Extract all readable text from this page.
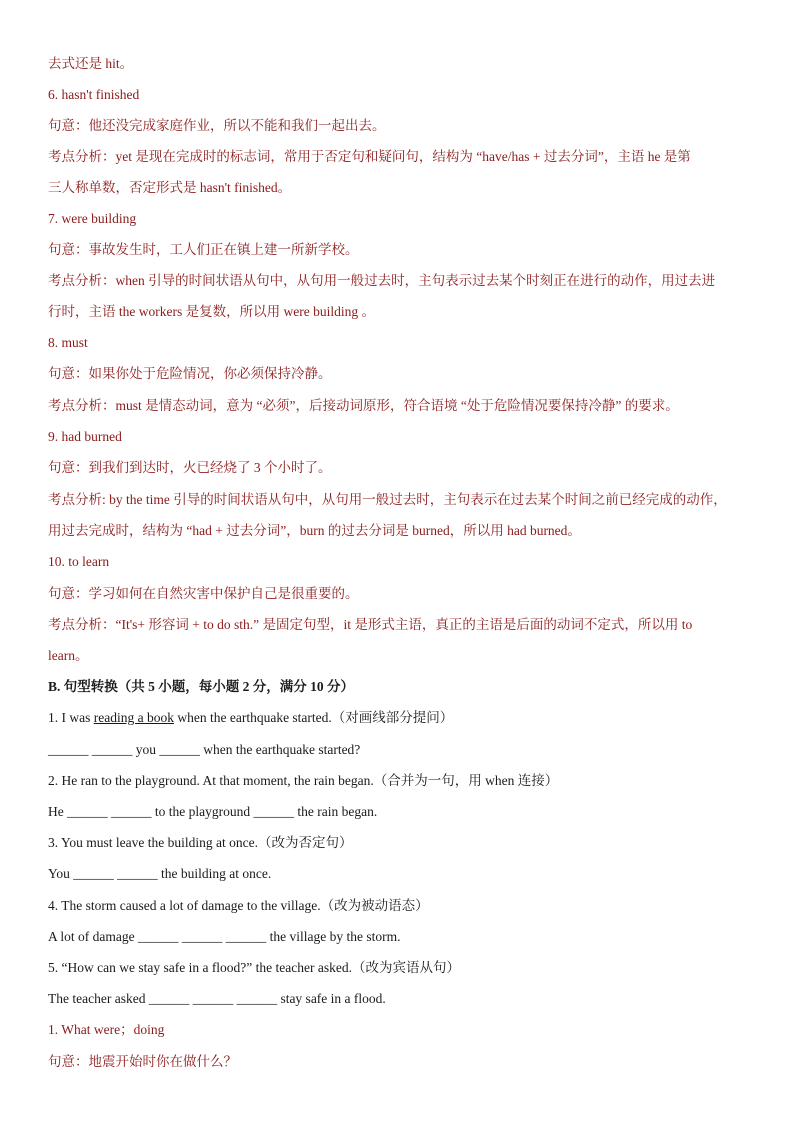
去式还是 hit。
6. hasn't finished
句意：他还没完成家庭作业，所以不能和我们一起出去。
考点分析：yet 是现在完成时的标志词，常用于否定句和疑问句，结构为 “have/has + 过去分词”，主语 he 是第
三人称单数，否定形式是 hasn't finished。
7. were building
句意：事故发生时，工人们正在镇上建一所新学校。
考点分析：when 引导的时间状语从句中，从句用一般过去时，主句表示过去某个时刻正在进行的动作，用过去进
行时，主语 the workers 是复数，所以用 were building 。
8. must
句意：如果你处于危险情况，你必须保持冷静。
考点分析：must 是情态动词，意为 “必须”，后接动词原形，符合语境 “处于危险情况要保持冷静” 的要求。
9. had burned
句意：到我们到达时，火已经烧了 3 个小时了。
考点分析: by the time 引导的时间状语从句中，从句用一般过去时，主句表示在过去某个时间之前已经完成的动作，
用过去完成时，结构为 “had + 过去分词”，burn 的过去分词是 burned，所以用 had burned。
10. to learn
句意：学习如何在自然灾害中保护自己是很重要的。
考点分析：“It's+ 形容词 + to do sth.” 是固定句型，it 是形式主语，真正的主语是后面的动词不定式，所以用 to
learn。
B. 句型转换（共 5 小题，每小题 2 分，满分 10 分）
1. I was reading a book when the earthquake started.（对画线部分提问）
______ ______ you ______ when the earthquake started?
2. He ran to the playground. At that moment, the rain began.（合并为一句，用 when 连接）
He ______ ______ to the playground ______ the rain began.
3. You must leave the building at once.（改为否定句）
You ______ ______ the building at once.
4. The storm caused a lot of damage to the village.（改为被动语态）
A lot of damage ______ ______ ______ the village by the storm.
5. “How can we stay safe in a flood?” the teacher asked.（改为宾语从句）
The teacher asked ______ ______ ______ stay safe in a flood.
1. What were；doing
句意：地震开始时你在做什么？
